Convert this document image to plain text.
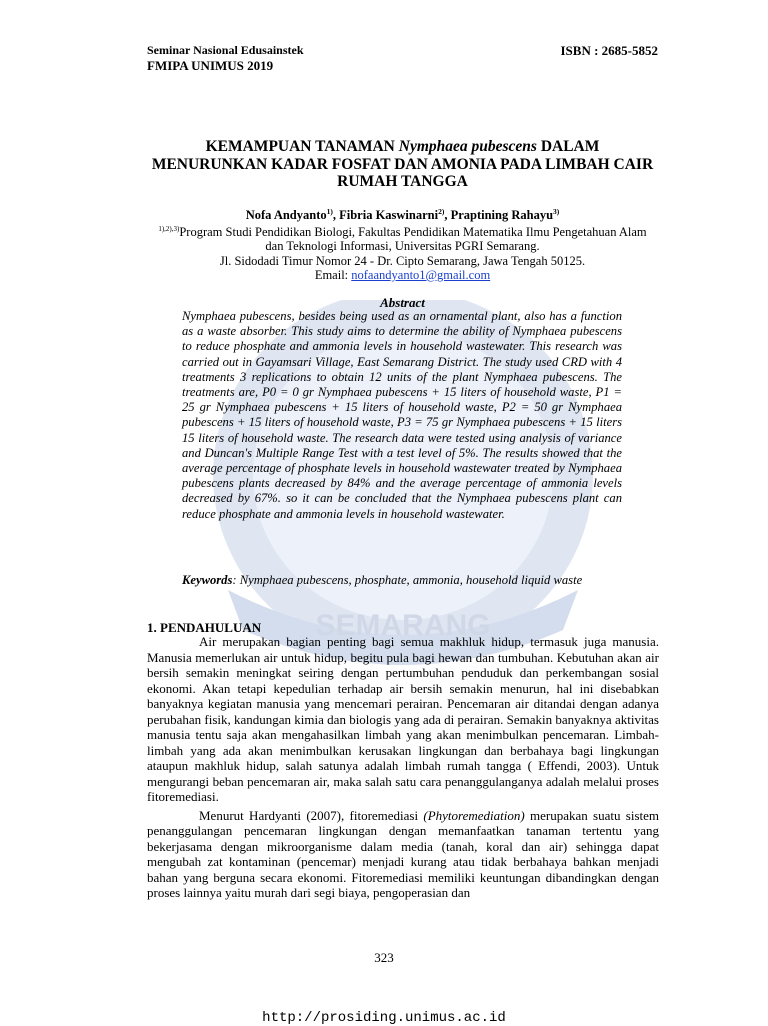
SEMARANG
Seminar Nasional Edusainstek
FMIPA UNIMUS 2019
ISBN : 2685-5852
KEMAMPUAN TANAMAN Nymphaea pubescens DALAM
MENURUNKAN KADAR FOSFAT DAN AMONIA PADA LIMBAH CAIR
RUMAH TANGGA
Nofa Andyanto$^{1)}$, Fibria Kaswinarni$^{2)}$, Praptining Rahayu$^{3)}$
$^{1),2),3)}$Program Studi Pendidikan Biologi, Fakultas Pendidikan Matematika Ilmu Pengetahuan Alam
dan Teknologi Informasi, Universitas PGRI Semarang.
Jl. Sidodadi Timur Nomor 24 - Dr. Cipto Semarang, Jawa Tengah 50125.
Email: nofaandyanto1@gmail.com
Abstract
Nymphaea pubescens, besides being used as an ornamental plant, also has a function as a waste absorber. This study aims to determine the ability of Nymphaea pubescens to reduce phosphate and ammonia levels in household wastewater. This research was carried out in Gayamsari Village, East Semarang District. The study used CRD with 4 treatments 3 replications to obtain 12 units of the plant Nymphaea pubescens. The treatments are, P0 = 0 gr Nymphaea pubescens + 15 liters of household waste, P1 = 25 gr Nymphaea pubescens + 15 liters of household waste, P2 = 50 gr Nymphaea pubescens + 15 liters of household waste, P3 = 75 gr Nymphaea pubescens + 15 liters 15 liters of household waste. The research data were tested using analysis of variance and Duncan's Multiple Range Test with a test level of 5%. The results showed that the average percentage of phosphate levels in household wastewater treated by Nymphaea pubescens plants decreased by 84% and the average percentage of ammonia levels decreased by 67%. so it can be concluded that the Nymphaea pubescens plant can reduce phosphate and ammonia levels in household wastewater.
Keywords: Nymphaea pubescens, phosphate, ammonia, household liquid waste
1. PENDAHULUAN

Air merupakan bagian penting bagi semua makhluk hidup, termasuk juga manusia. Manusia memerlukan air untuk hidup, begitu pula bagi hewan dan tumbuhan. Kebutuhan akan air bersih semakin meningkat seiring dengan pertumbuhan penduduk dan perkembangan sosial ekonomi. Akan tetapi kepedulian terhadap air bersih semakin menurun, hal ini disebabkan banyaknya kegiatan manusia yang mencemari perairan. Pencemaran air ditandai dengan adanya perubahan fisik, kandungan kimia dan biologis yang ada di perairan. Semakin banyaknya aktivitas manusia tentu saja akan mengahasilkan limbah yang akan menimbulkan pencemaran. Limbah-limbah yang ada akan menimbulkan kerusakan lingkungan dan berbahaya bagi lingkungan ataupun makhluk hidup, salah satunya adalah limbah rumah tangga ( Effendi, 2003). Untuk mengurangi beban pencemaran air, maka salah satu cara penanggulanganya adalah melalui proses fitoremediasi.

Menurut Hardyanti (2007), fitoremediasi (Phytoremediation) merupakan suatu sistem penanggulangan pencemaran lingkungan dengan memanfaatkan tanaman tertentu yang bekerjasama dengan mikroorganisme dalam media (tanah, koral dan air) sehingga dapat mengubah zat kontaminan (pencemar) menjadi kurang atau tidak berbahaya bahkan menjadi bahan yang berguna secara ekonomi. Fitoremediasi memiliki keuntungan dibandingkan dengan proses lainnya yaitu murah dari segi biaya, pengoperasian dan

323
http://prosiding.unimus.ac.id
